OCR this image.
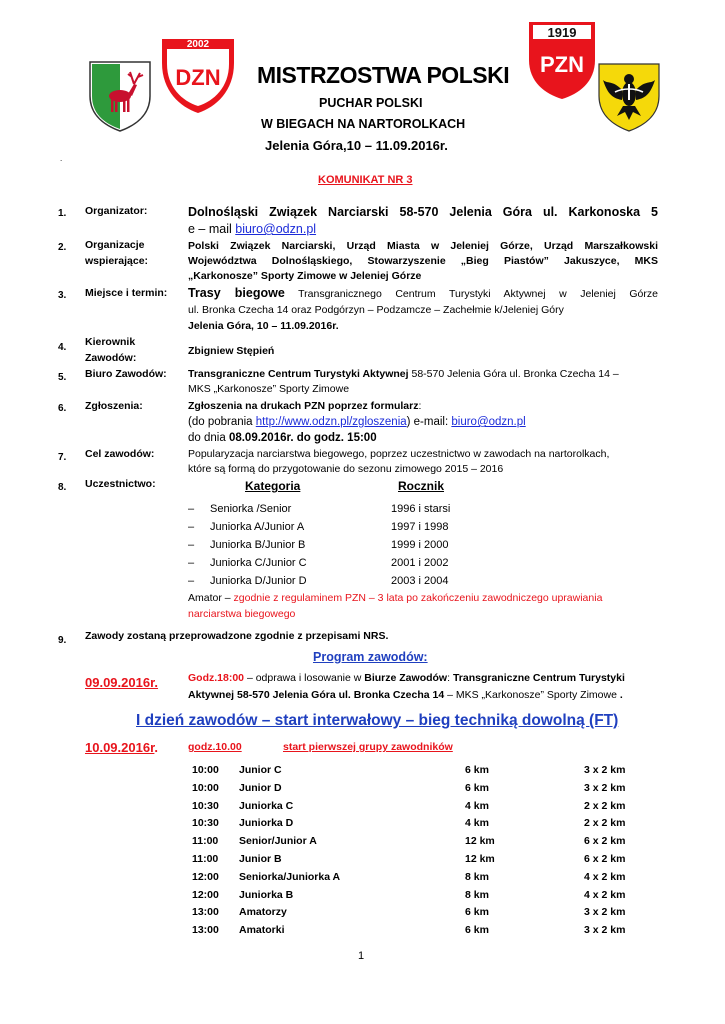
2002
DZN
1919
PZN
MISTRZOSTWA POLSKI
PUCHAR POLSKI
W BIEGACH NA NARTOROLKACH
Jelenia Góra,10 – 11.09.2016r.
.
KOMUNIKAT NR 3
1. Organizator:	Dolnośląski Związek Narciarski 58-570 Jelenia Góra ul. Karkonoska 5
e – mail biuro@odzn.pl
2. Organizacje
wspierające:
Polski Związek Narciarski, Urząd Miasta w Jeleniej Górze, Urząd Marszałkowski
Województwa Dolnośląskiego, Stowarzyszenie „Bieg Piastów” Jakuszyce, MKS
„Karkonosze” Sporty Zimowe w Jeleniej Górze
3. Miejsce i termin: Trasy biegowe Transgranicznego Centrum Turystyki Aktywnej w Jeleniej Górze
ul. Bronka Czecha 14 oraz Podgórzyn – Podzamcze – Zachełmie k/Jeleniej Góry
Jelenia Góra, 10 – 11.09.2016r.
4. Kierownik
Zawodów:
Zbigniew Stępień
5. Biuro Zawodów: Transgraniczne Centrum Turystyki Aktywnej 58-570 Jelenia Góra ul. Bronka Czecha 14 –
MKS „Karkonosze” Sporty Zimowe
6. Zgłoszenia:	Zgłoszenia na drukach PZN poprzez formularz:
(do pobrania http://www.odzn.pl/zgloszenia) e-mail: biuro@odzn.pl
do dnia 08.09.2016r. do godz. 15:00
7. Cel zawodów:	Popularyzacja narciarstwa biegowego, poprzez uczestnictwo w zawodach na nartorolkach,
które są formą do przygotowanie do sezonu zimowego 2015 – 2016
8. Uczestnictwo:	Kategoria	Rocznik
– Seniorka /Senior	1996 i starsi
– Juniorka A/Junior A	1997 i 1998
– Juniorka B/Junior B	1999 i 2000
– Juniorka C/Junior C	2001 i 2002
– Juniorka D/Junior D	2003 i 2004
Amator – zgodnie z regulaminem PZN – 3 lata po zakończeniu zawodniczego uprawiania
narciarstwa biegowego
9. Zawody zostaną przeprowadzone zgodnie z przepisami NRS.
Program zawodów:
09.09.2016r.	Godz.18:00 – odprawa i losowanie w Biurze Zawodów: Transgraniczne Centrum Turystyki
Aktywnej 58-570 Jelenia Góra ul. Bronka Czecha 14 – MKS „Karkonosze” Sporty Zimowe .
I dzień zawodów – start interwałowy – bieg techniką dowolną (FT)
10.09.2016r.	godz.10.00	start pierwszej grupy zawodników
10:00 Junior C	6 km	3 x 2 km
10:00 Junior D	6 km	3 x 2 km
10:30 Juniorka C	4 km	2 x 2 km
10:30 Juniorka D	4 km	2 x 2 km
11:00 Senior/Junior A	12 km	6 x 2 km
11:00 Junior B	12 km	6 x 2 km
12:00 Seniorka/Juniorka A	8 km	4 x 2 km
12:00 Juniorka B	8 km	4 x 2 km
13:00 Amatorzy	6 km	3 x 2 km
13:00 Amatorki	6 km	3 x 2 km
1
